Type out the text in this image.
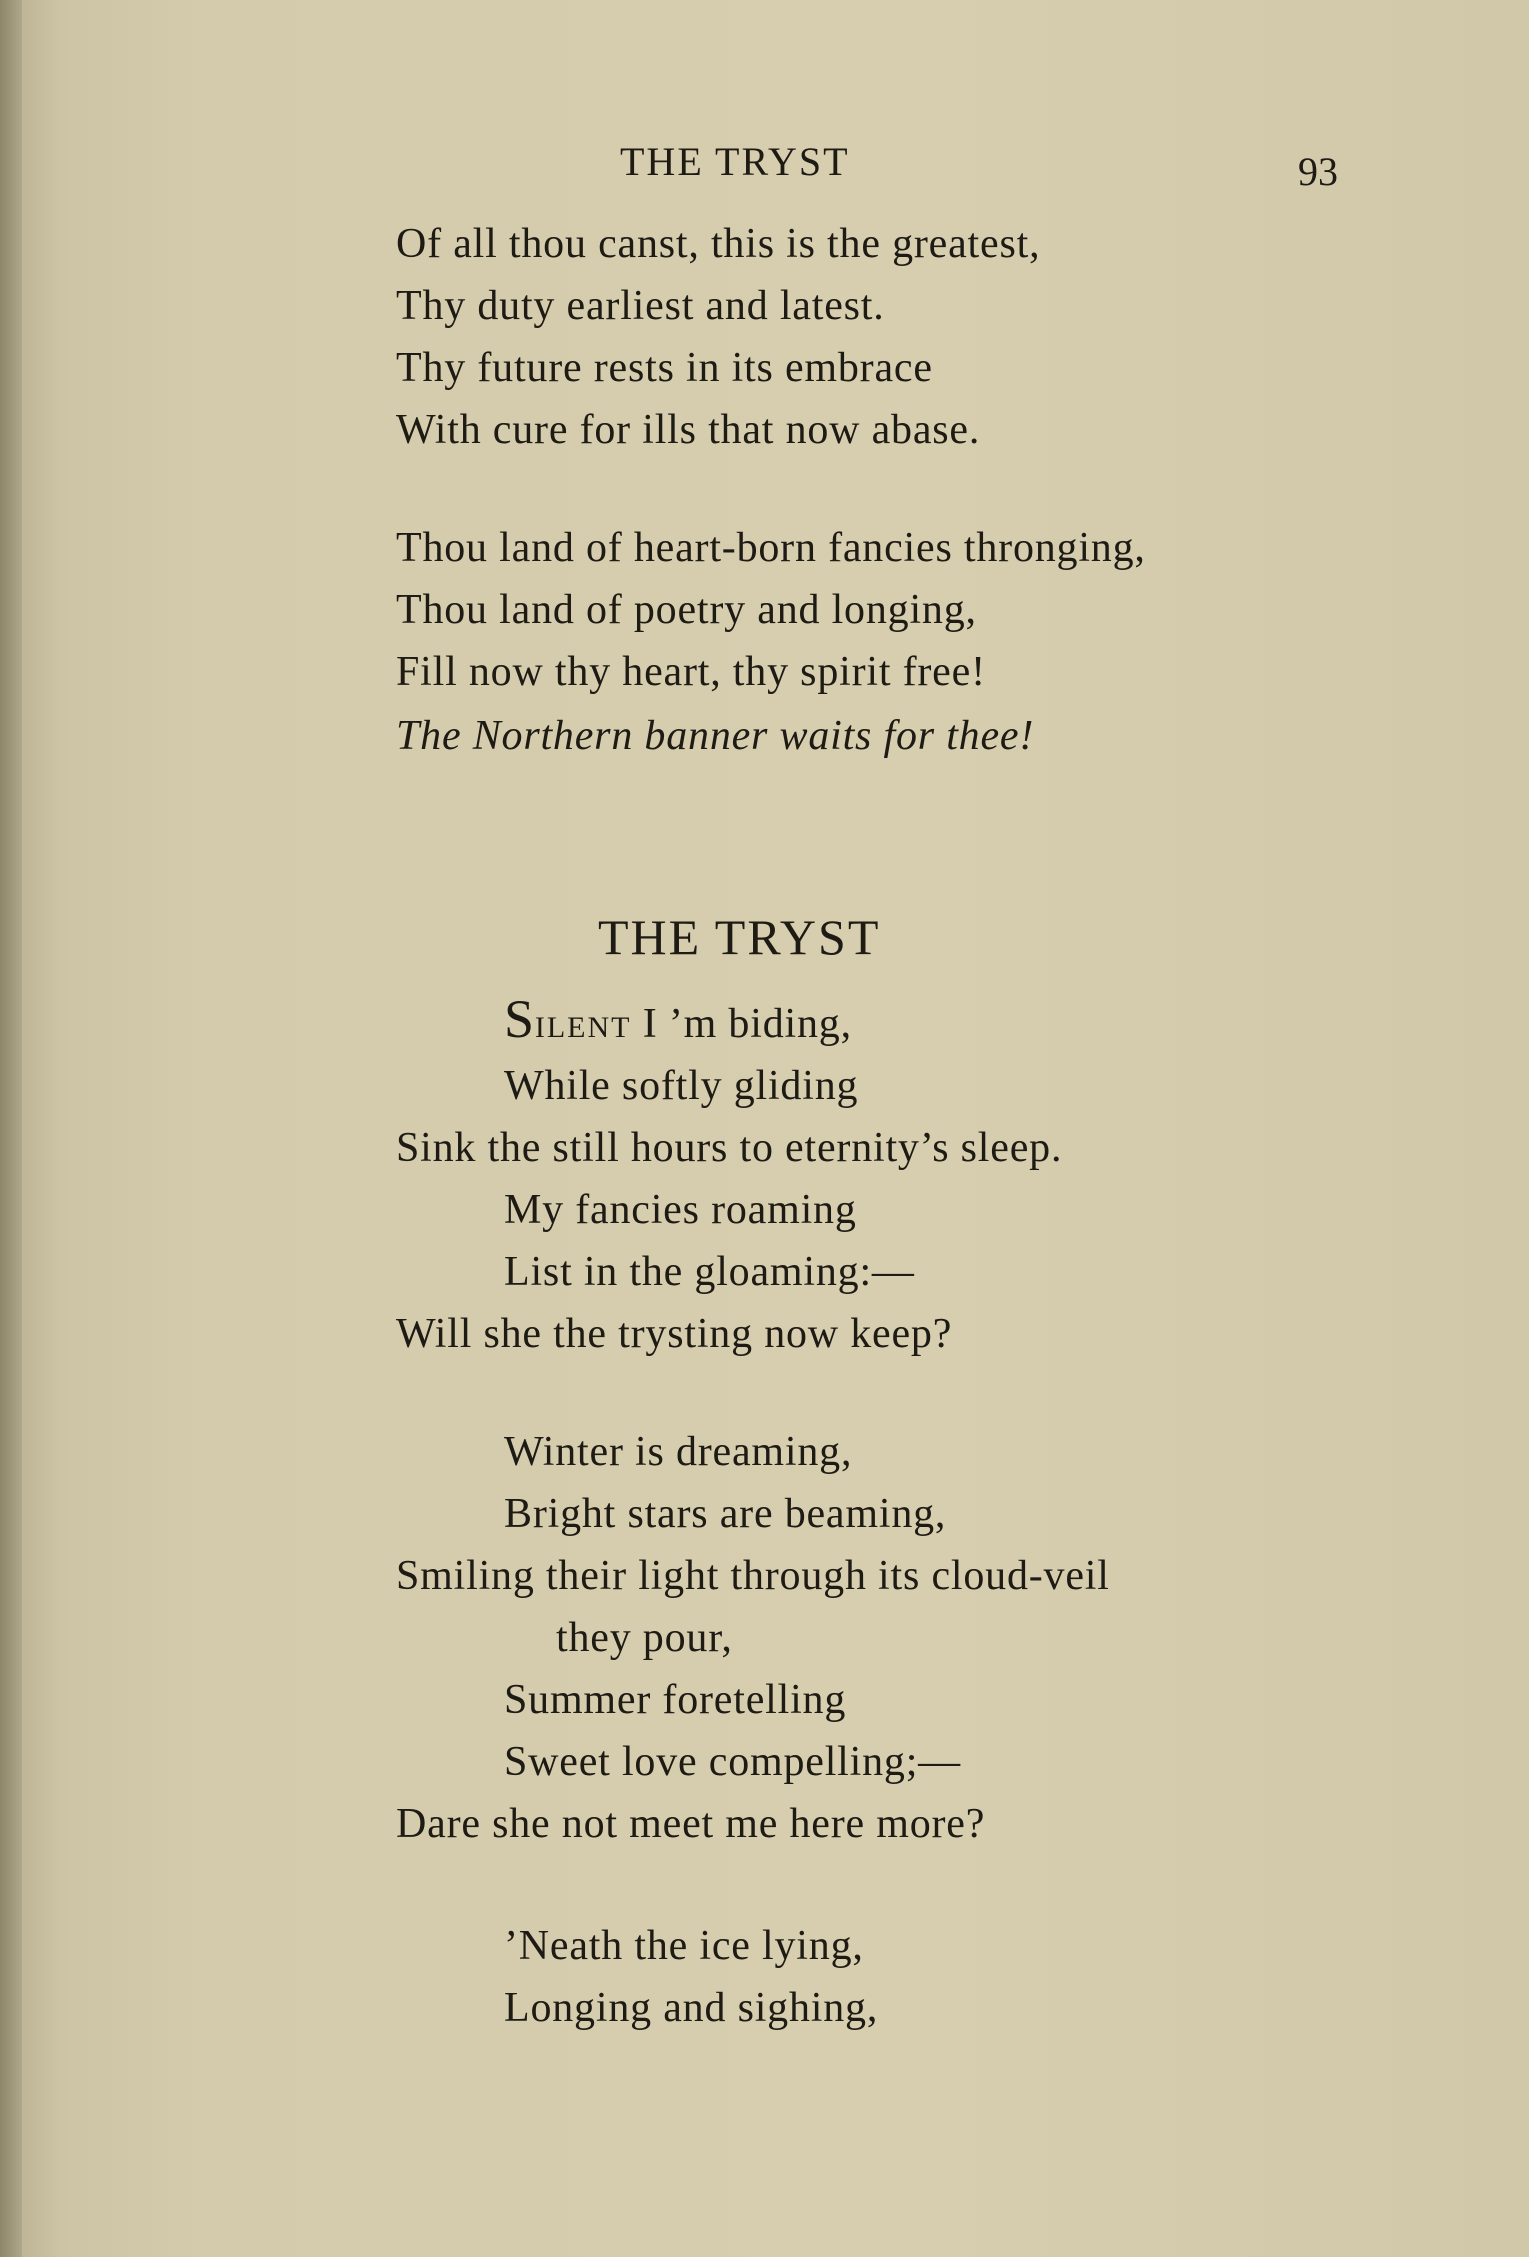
THE TRYST	93
Of all thou canst, this is the greatest,
Thy duty earliest and latest.
Thy future rests in its embrace
With cure for ills that now abase.
Thou land of heart-born fancies thronging,
Thou land of poetry and longing,
Fill now thy heart, thy spirit free!
The Northern banner waits for thee!
THE TRYST
SILENT I ’m biding,
While softly gliding
Sink the still hours to eternity’s sleep.
My fancies roaming
List in the gloaming:—
Will she the trysting now keep?
Winter is dreaming,
Bright stars are beaming,
Smiling their light through its cloud-veil
they pour,
Summer foretelling
Sweet love compelling;—
Dare she not meet me here more?
’Neath the ice lying,
Longing and sighing,
